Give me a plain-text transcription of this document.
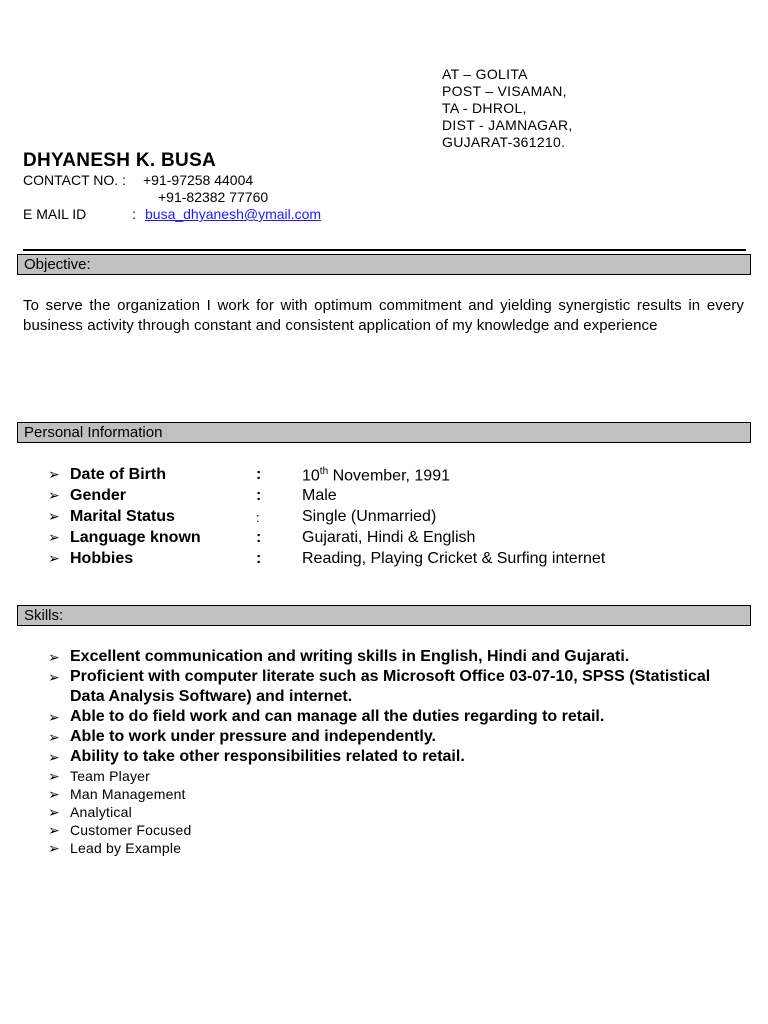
AT – GOLITA
POST – VISAMAN,
TA - DHROL,
DIST - JAMNAGAR,
GUJARAT-361210.
DHYANESH K. BUSA
CONTACT NO. : +91-97258 44004
+91-82382 77760
E MAIL ID	: busa_dhyanesh@ymail.com
Objective:
To serve the organization I work for with optimum commitment and yielding synergistic results in every business activity through constant and consistent application of my knowledge and experience
Personal Information
➢ Date of Birth	:	10th November, 1991
➢ Gender	:	Male
➢ Marital Status	:	Single (Unmarried)
➢ Language known	:	Gujarati, Hindi & English
➢ Hobbies	:	Reading, Playing Cricket & Surfing internet
Skills:
➢ Excellent communication and writing skills in English, Hindi and Gujarati.
➢ Proficient with computer literate such as Microsoft Office 03-07-10, SPSS (Statistical Data Analysis Software) and internet.
➢ Able to do field work and can manage all the duties regarding to retail.
➢ Able to work under pressure and independently.
➢ Ability to take other responsibilities related to retail.
➢ Team Player
➢ Man Management
➢ Analytical
➢ Customer Focused
➢ Lead by Example
